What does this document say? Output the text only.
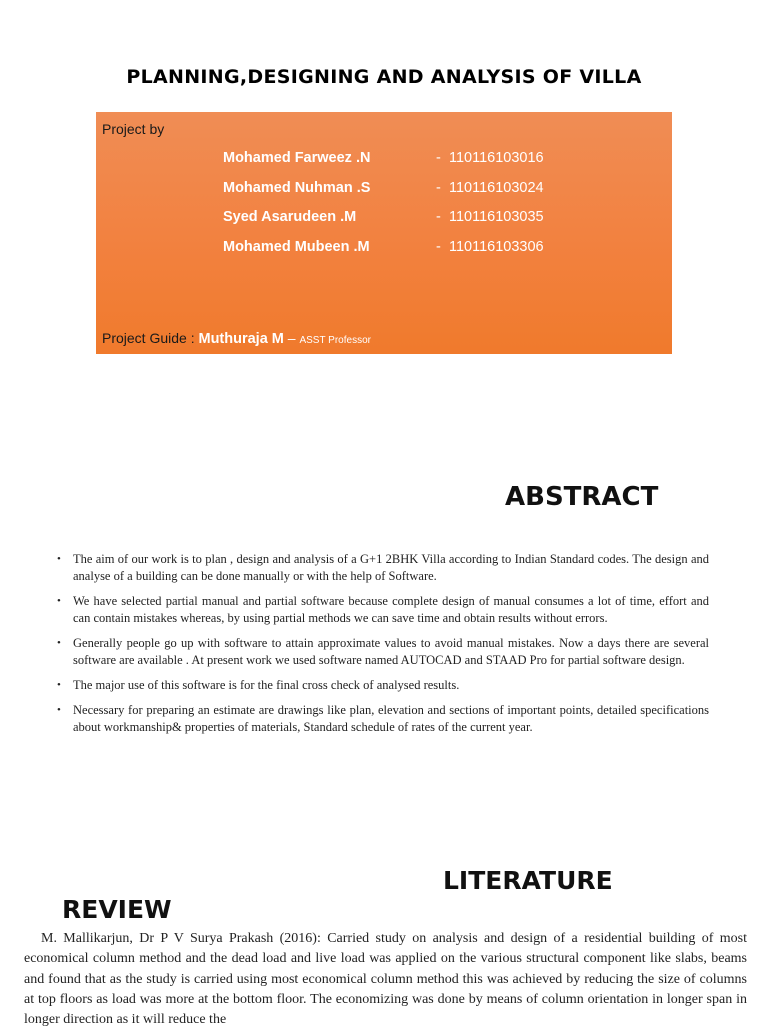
PLANNING,DESIGNING AND ANALYSIS OF VILLA
Project by
Mohamed Farweez .N	- 110116103016
Mohamed Nuhman .S	- 110116103024
Syed Asarudeen .M	- 110116103035
Mohamed Mubeen .M	- 110116103306
Project Guide : Muthuraja M – ASST Professor
ABSTRACT
• The aim of our work is to plan , design and analysis of a G+1 2BHK Villa according to Indian Standard codes. The design and analyse of a building can be done manually or with the help of Software.
• We have selected partial manual and partial software because complete design of manual consumes a lot of time, effort and can contain mistakes whereas, by using partial methods we can save time and obtain results without errors.
• Generally people go up with software to attain approximate values to avoid manual mistakes. Now a days there are several software are available . At present work we used software named AUTOCAD and STAAD Pro for partial software design.
• The major use of this software is for the final cross check of analysed results.
• Necessary for preparing an estimate are drawings like plan, elevation and sections of important points, detailed specifications about workmanship& properties of materials, Standard schedule of rates of the current year.
LITERATURE
REVIEW

M. Mallikarjun, Dr P V Surya Prakash (2016): Carried study on analysis and design of a residential building of most economical column method and the dead load and live load was applied on the various structural component like slabs, beams and found that as the study is carried using most economical column method this was achieved by reducing the size of columns at top floors as load was more at the bottom floor. The economizing was done by means of column orientation in longer span in longer direction as it will reduce the
